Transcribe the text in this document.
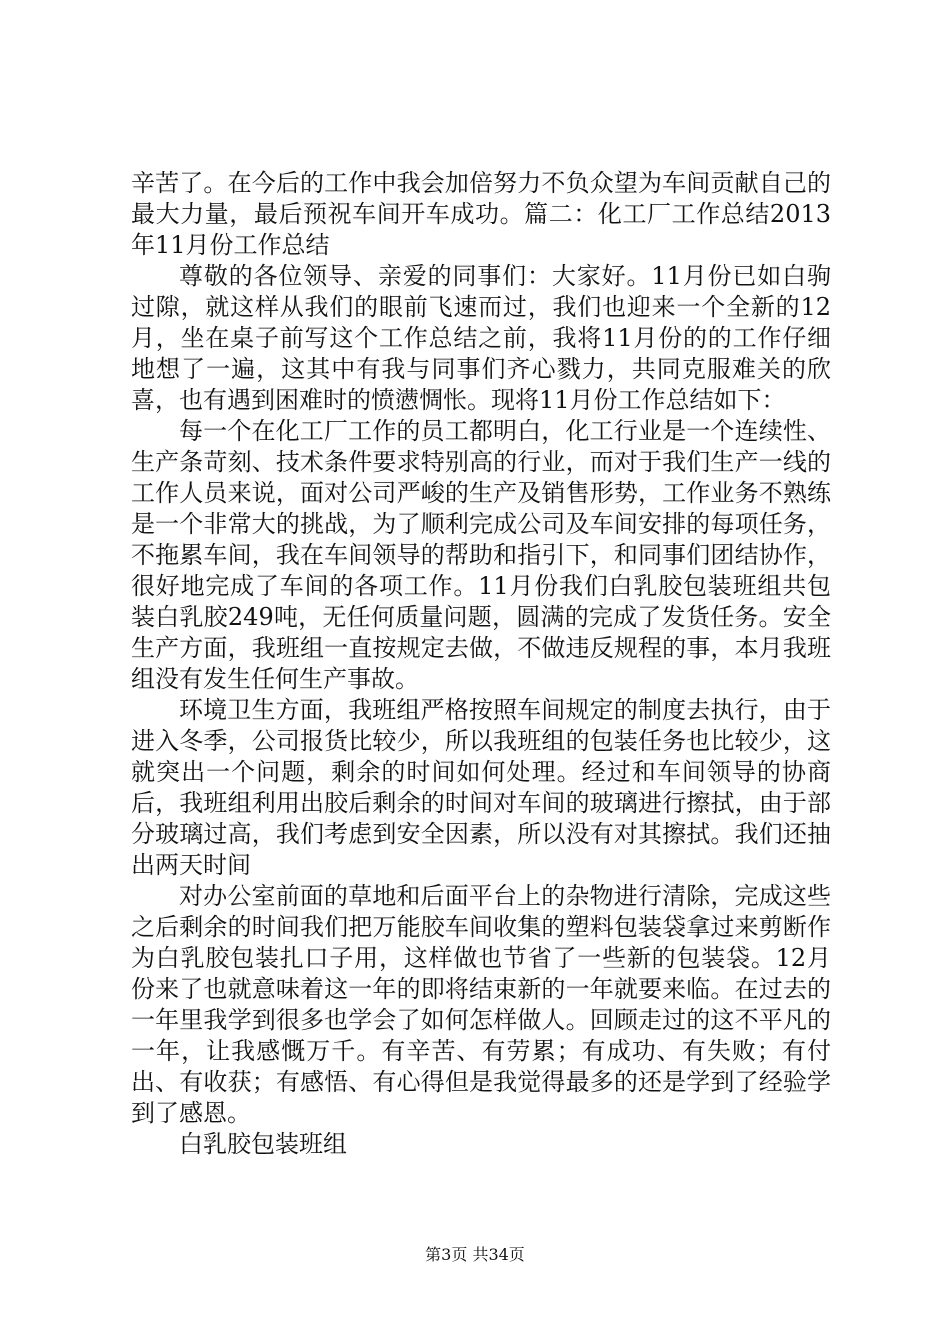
辛苦了。在今后的工作中我会加倍努力不负众望为车间贡献自己的最大力量，最后预祝车间开车成功。篇二：化工厂工作总结2013年11月份工作总结

尊敬的各位领导、亲爱的同事们：大家好。11月份已如白驹过隙，就这样从我们的眼前飞速而过，我们也迎来一个全新的12月，坐在桌子前写这个工作总结之前，我将11月份的的工作仔细地想了一遍，这其中有我与同事们齐心戮力，共同克服难关的欣喜，也有遇到困难时的愤懑惆怅。现将11月份工作总结如下：

每一个在化工厂工作的员工都明白，化工行业是一个连续性、生产条苛刻、技术条件要求特别高的行业，而对于我们生产一线的工作人员来说，面对公司严峻的生产及销售形势，工作业务不熟练是一个非常大的挑战，为了顺利完成公司及车间安排的每项任务，不拖累车间，我在车间领导的帮助和指引下，和同事们团结协作，很好地完成了车间的各项工作。11月份我们白乳胶包装班组共包装白乳胶249吨，无任何质量问题，圆满的完成了发货任务。安全生产方面，我班组一直按规定去做，不做违反规程的事，本月我班组没有发生任何生产事故。

环境卫生方面，我班组严格按照车间规定的制度去执行，由于进入冬季，公司报货比较少，所以我班组的包装任务也比较少，这就突出一个问题，剩余的时间如何处理。经过和车间领导的协商后，我班组利用出胶后剩余的时间对车间的玻璃进行擦拭，由于部分玻璃过高，我们考虑到安全因素，所以没有对其擦拭。我们还抽出两天时间

对办公室前面的草地和后面平台上的杂物进行清除，完成这些之后剩余的时间我们把万能胶车间收集的塑料包装袋拿过来剪断作为白乳胶包装扎口子用，这样做也节省了一些新的包装袋。12月份来了也就意味着这一年的即将结束新的一年就要来临。在过去的一年里我学到很多也学会了如何怎样做人。回顾走过的这不平凡的一年，让我感慨万千。有辛苦、有劳累；有成功、有失败；有付出、有收获；有感悟、有心得但是我觉得最多的还是学到了经验学到了感恩。

白乳胶包装班组

第3页 共34页
